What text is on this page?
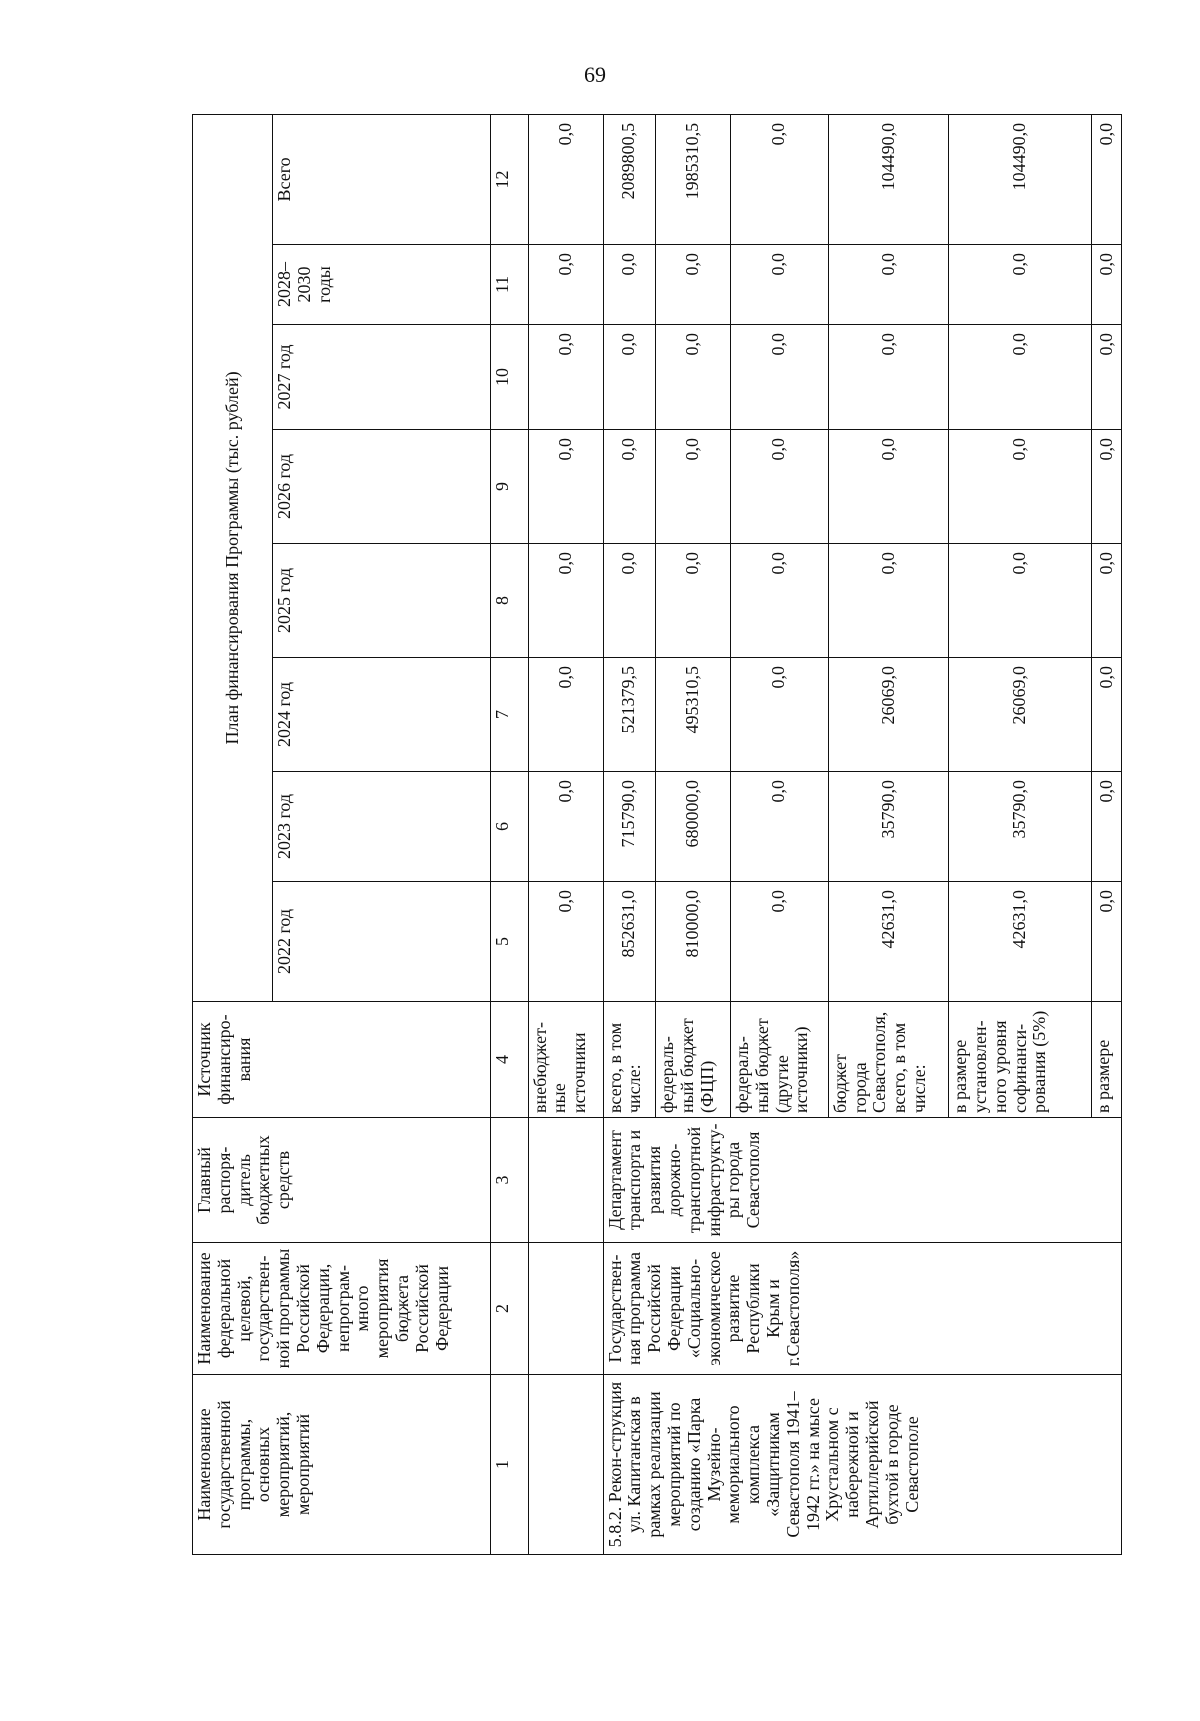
69
Наименование государственной программы, основных мероприятий, мероприятий	Наименование федеральной целевой, государствен-ной программы Российской Федерации, непрограм-много мероприятия бюджета Российской Федерации	Главный распоря-дитель бюджетных средств	Источник финансиро-вания	План финансирования Программы (тыс. рублей)							
				2022 год	2023 год	2024 год	2025 год	2026 год	2027 год	2028–2030 годы	Всего
1	2	3	4	5	6	7	8	9	10	11	12
			внебюджет-ные источники	0,0	0,0	0,0	0,0	0,0	0,0	0,0	0,0
5.8.2. Рекон-струкция ул. Капитанская в рамках реализации мероприятий по созданию «Парка Музейно-мемориального комплекса «Защитникам Севастополя 1941–1942 гг.» на мысе Хрустальном с набережной и Артиллерийской бухтой в городе Севастополе	Государствен-ная программа Российской Федерации «Социально-экономическое развитие Республики Крым и г.Севастополя»	Департамент транспорта и развития дорожно-транспортной инфраструкту-ры города Севастополя	всего, в том числе:	852631,0	715790,0	521379,5	0,0	0,0	0,0	0,0	2089800,5
			федераль-ный бюджет (ФЦП)	810000,0	680000,0	495310,5	0,0	0,0	0,0	0,0	1985310,5
			федераль-ный бюджет (другие источники)	0,0	0,0	0,0	0,0	0,0	0,0	0,0	0,0
			бюджет города Севастополя, всего, в том числе:	42631,0	35790,0	26069,0	0,0	0,0	0,0	0,0	104490,0
			в размере установлен-ного уровня софинанси-рования (5%)	42631,0	35790,0	26069,0	0,0	0,0	0,0	0,0	104490,0
			в размере	0,0	0,0	0,0	0,0	0,0	0,0	0,0	0,0
